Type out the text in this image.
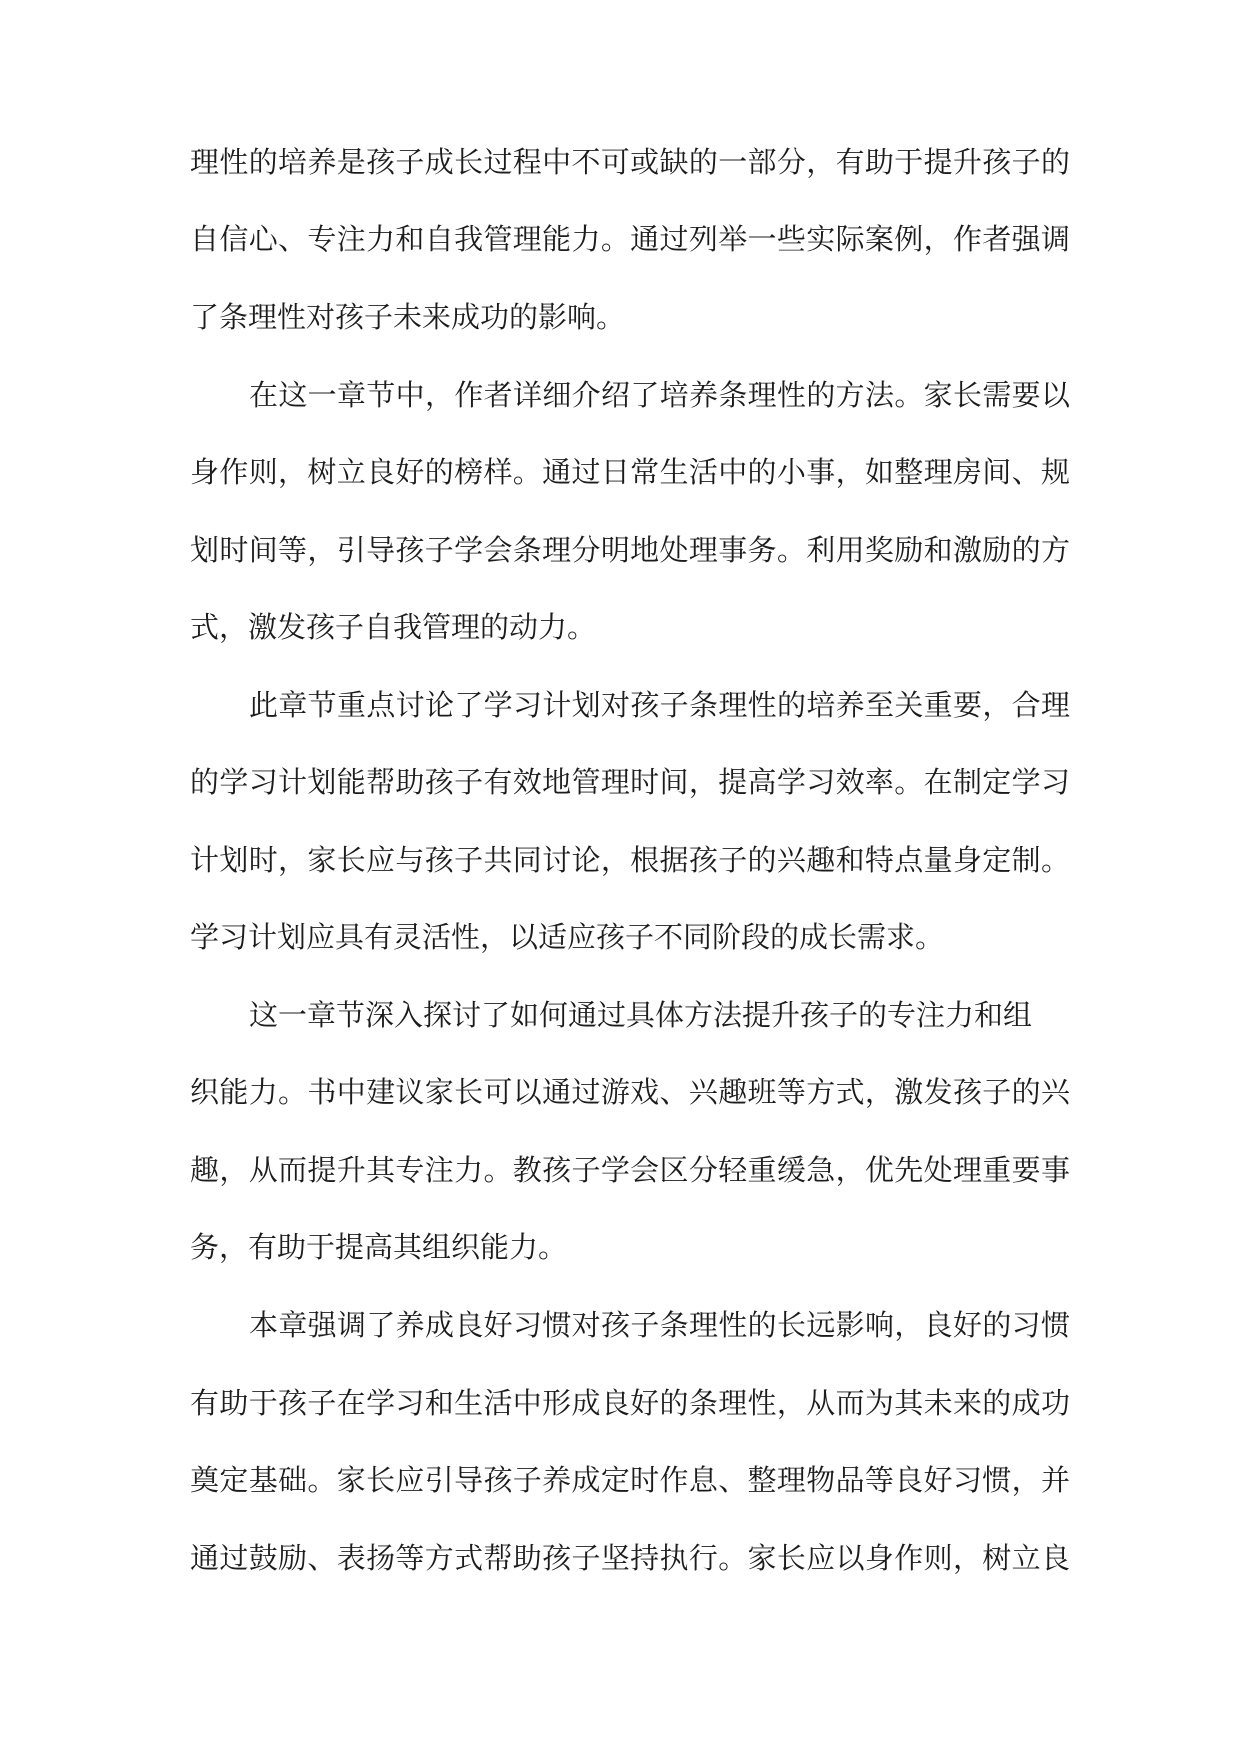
理性的培养是孩子成长过程中不可或缺的一部分，有助于提升孩子的

自信心、专注力和自我管理能力。通过列举一些实际案例，作者强调

了条理性对孩子未来成功的影响。

在这一章节中，作者详细介绍了培养条理性的方法。家长需要以

身作则，树立良好的榜样。通过日常生活中的小事，如整理房间、规

划时间等，引导孩子学会条理分明地处理事务。利用奖励和激励的方

式，激发孩子自我管理的动力。

此章节重点讨论了学习计划对孩子条理性的培养至关重要，合理

的学习计划能帮助孩子有效地管理时间，提高学习效率。在制定学习

计划时，家长应与孩子共同讨论，根据孩子的兴趣和特点量身定制。

学习计划应具有灵活性，以适应孩子不同阶段的成长需求。

这一章节深入探讨了如何通过具体方法提升孩子的专注力和组

织能力。书中建议家长可以通过游戏、兴趣班等方式，激发孩子的兴

趣，从而提升其专注力。教孩子学会区分轻重缓急，优先处理重要事

务，有助于提高其组织能力。

本章强调了养成良好习惯对孩子条理性的长远影响，良好的习惯

有助于孩子在学习和生活中形成良好的条理性，从而为其未来的成功

奠定基础。家长应引导孩子养成定时作息、整理物品等良好习惯，并

通过鼓励、表扬等方式帮助孩子坚持执行。家长应以身作则，树立良
